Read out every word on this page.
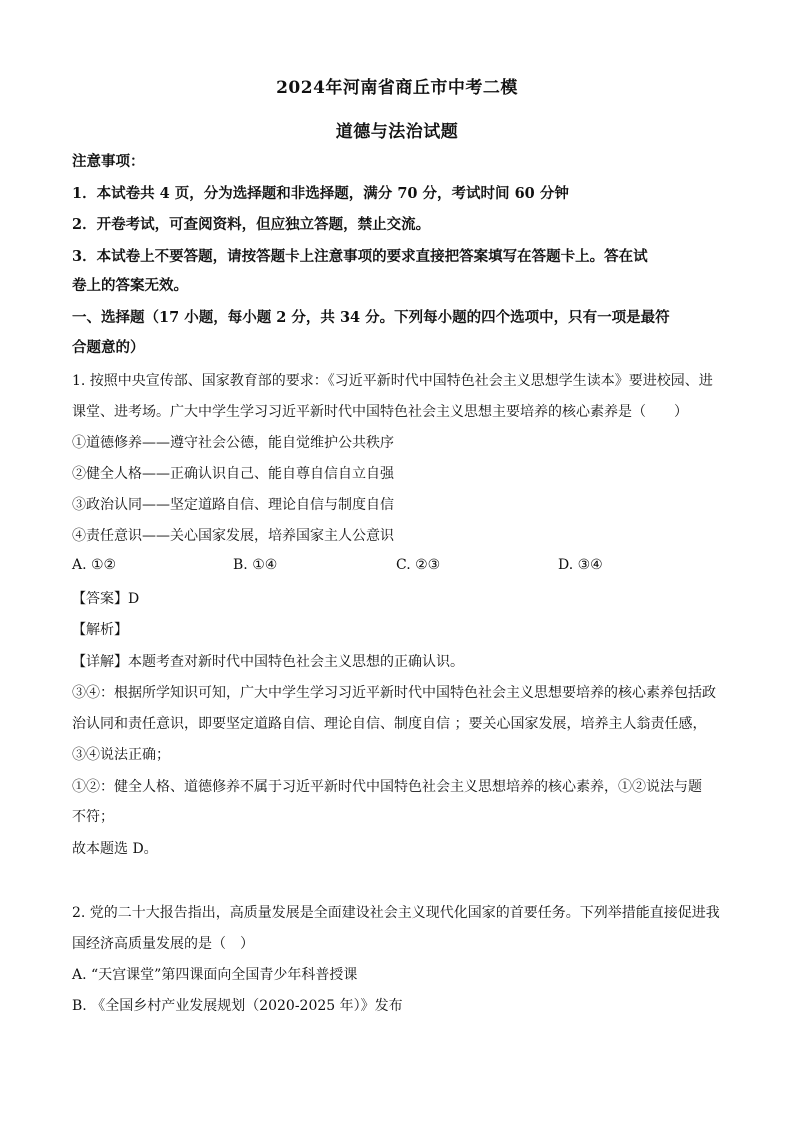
2024年河南省商丘市中考二模
道德与法治试题
注意事项：
1．本试卷共 4 页，分为选择题和非选择题，满分 70 分，考试时间 60 分钟
2．开卷考试，可查阅资料，但应独立答题，禁止交流。
3．本试卷上不要答题，请按答题卡上注意事项的要求直接把答案填写在答题卡上。答在试
卷上的答案无效。
一、选择题（17 小题，每小题 2 分，共 34 分。下列每小题的四个选项中，只有一项是最符
合题意的）
1. 按照中央宣传部、国家教育部的要求：《习近平新时代中国特色社会主义思想学生读本》要进校园、进
课堂、进考场。广大中学生学习习近平新时代中国特色社会主义思想主要培养的核心素养是（　　）
①道德修养——遵守社会公德，能自觉维护公共秩序
②健全人格——正确认识自己、能自尊自信自立自强
③政治认同——坚定道路自信、理论自信与制度自信
④责任意识——关心国家发展，培养国家主人公意识
A. ①②	B. ①④	C. ②③	D. ③④
【答案】D
【解析】
【详解】本题考查对新时代中国特色社会主义思想的正确认识。
③④：根据所学知识可知，广大中学生学习习近平新时代中国特色社会主义思想要培养的核心素养包括政
治认同和责任意识，即要坚定道路自信、理论自信、制度自信 ；要关心国家发展，培养主人翁责任感，
③④说法正确；
①②：健全人格、道德修养不属于习近平新时代中国特色社会主义思想培养的核心素养，①②说法与题
不符；
故本题选 D。
2. 党的二十大报告指出，高质量发展是全面建设社会主义现代化国家的首要任务。下列举措能直接促进我
国经济高质量发展的是（　）
A. “天宫课堂”第四课面向全国青少年科普授课
B. 《全国乡村产业发展规划（2020-2025 年）》发布
